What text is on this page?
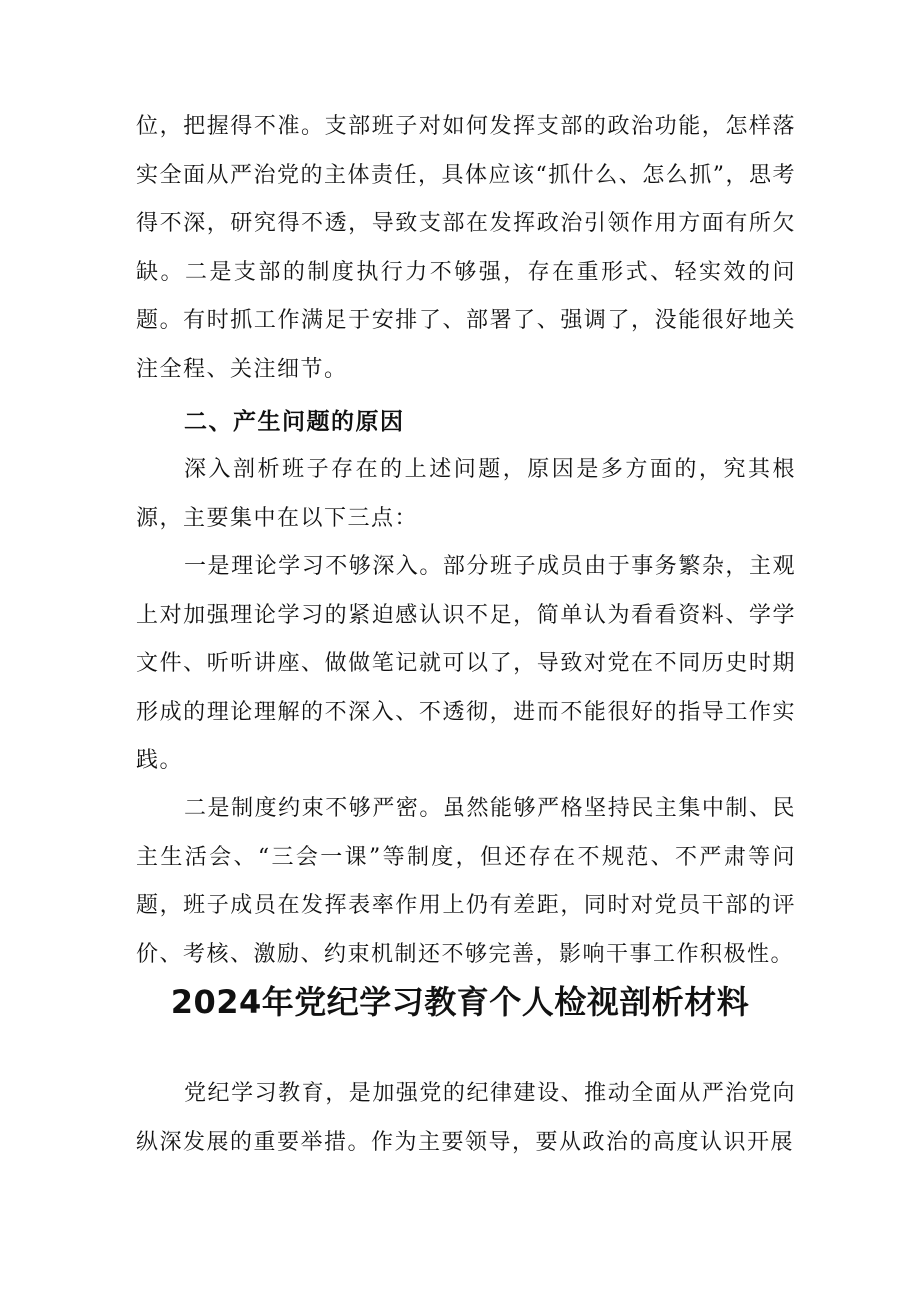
位，把握得不准。支部班子对如何发挥支部的政治功能，怎样落实全面从严治党的主体责任，具体应该“抓什么、怎么抓”，思考得不深，研究得不透，导致支部在发挥政治引领作用方面有所欠缺。二是支部的制度执行力不够强，存在重形式、轻实效的问题。有时抓工作满足于安排了、部署了、强调了，没能很好地关注全程、关注细节。

二、产生问题的原因

深入剖析班子存在的上述问题，原因是多方面的，究其根源，主要集中在以下三点：

一是理论学习不够深入。部分班子成员由于事务繁杂，主观上对加强理论学习的紧迫感认识不足，简单认为看看资料、学学文件、听听讲座、做做笔记就可以了，导致对党在不同历史时期形成的理论理解的不深入、不透彻，进而不能很好的指导工作实践。

二是制度约束不够严密。虽然能够严格坚持民主集中制、民主生活会、“三会一课”等制度，但还存在不规范、不严肃等问题，班子成员在发挥表率作用上仍有差距，同时对党员干部的评价、考核、激励、约束机制还不够完善，影响干事工作积极性。

2024年党纪学习教育个人检视剖析材料

党纪学习教育，是加强党的纪律建设、推动全面从严治党向纵深发展的重要举措。作为主要领导，要从政治的高度认识开展
